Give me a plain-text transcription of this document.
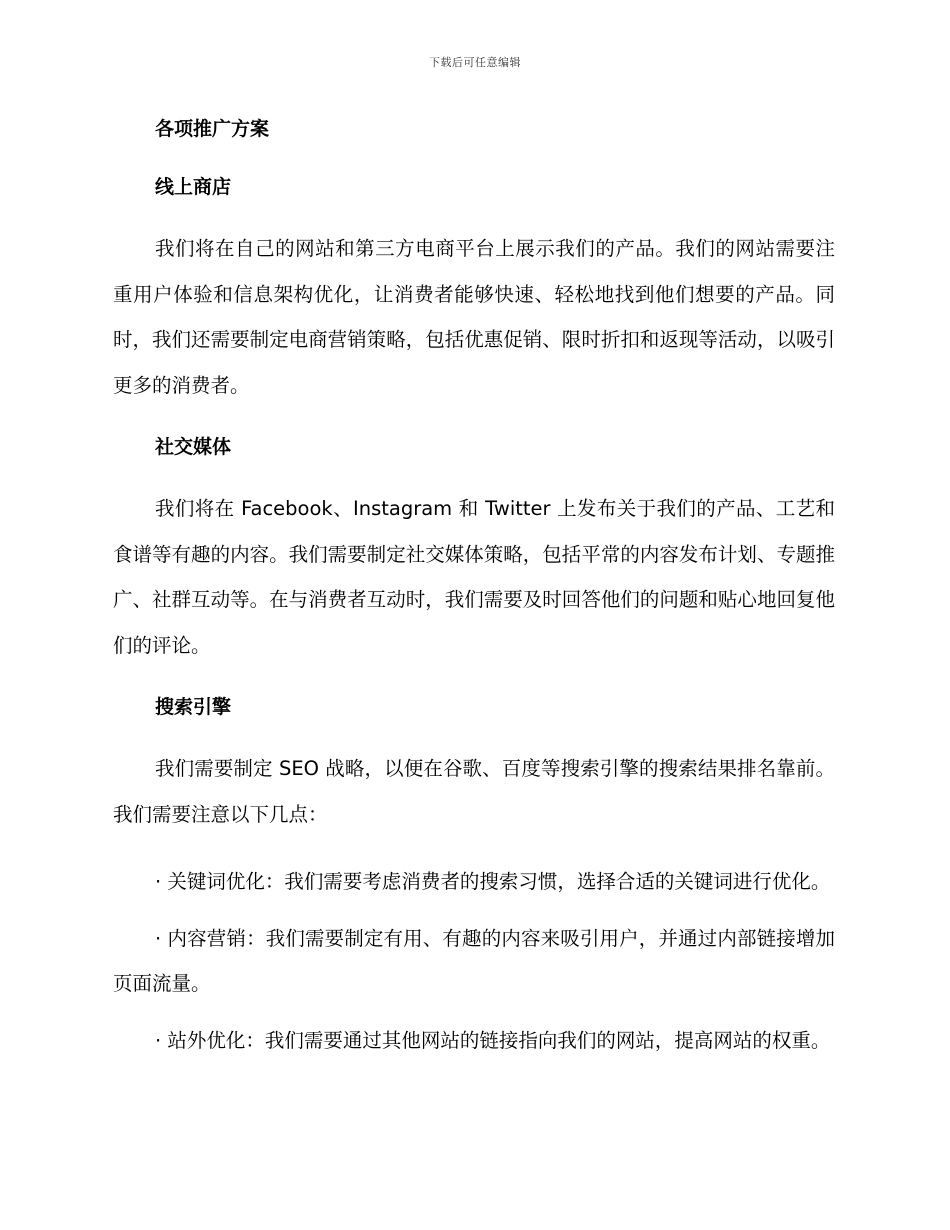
下载后可任意编辑
各项推广方案
线上商店

我们将在自己的网站和第三方电商平台上展示我们的产品。我们的网站需要注重用户体验和信息架构优化，让消费者能够快速、轻松地找到他们想要的产品。同时，我们还需要制定电商营销策略，包括优惠促销、限时折扣和返现等活动，以吸引更多的消费者。

社交媒体

我们将在 Facebook、Instagram 和 Twitter 上发布关于我们的产品、工艺和食谱等有趣的内容。我们需要制定社交媒体策略，包括平常的内容发布计划、专题推广、社群互动等。在与消费者互动时，我们需要及时回答他们的问题和贴心地回复他们的评论。

搜索引擎

我们需要制定 SEO 战略，以便在谷歌、百度等搜索引擎的搜索结果排名靠前。我们需要注意以下几点：

· 关键词优化：我们需要考虑消费者的搜索习惯，选择合适的关键词进行优化。

· 内容营销：我们需要制定有用、有趣的内容来吸引用户，并通过内部链接增加页面流量。

· 站外优化：我们需要通过其他网站的链接指向我们的网站，提高网站的权重。
